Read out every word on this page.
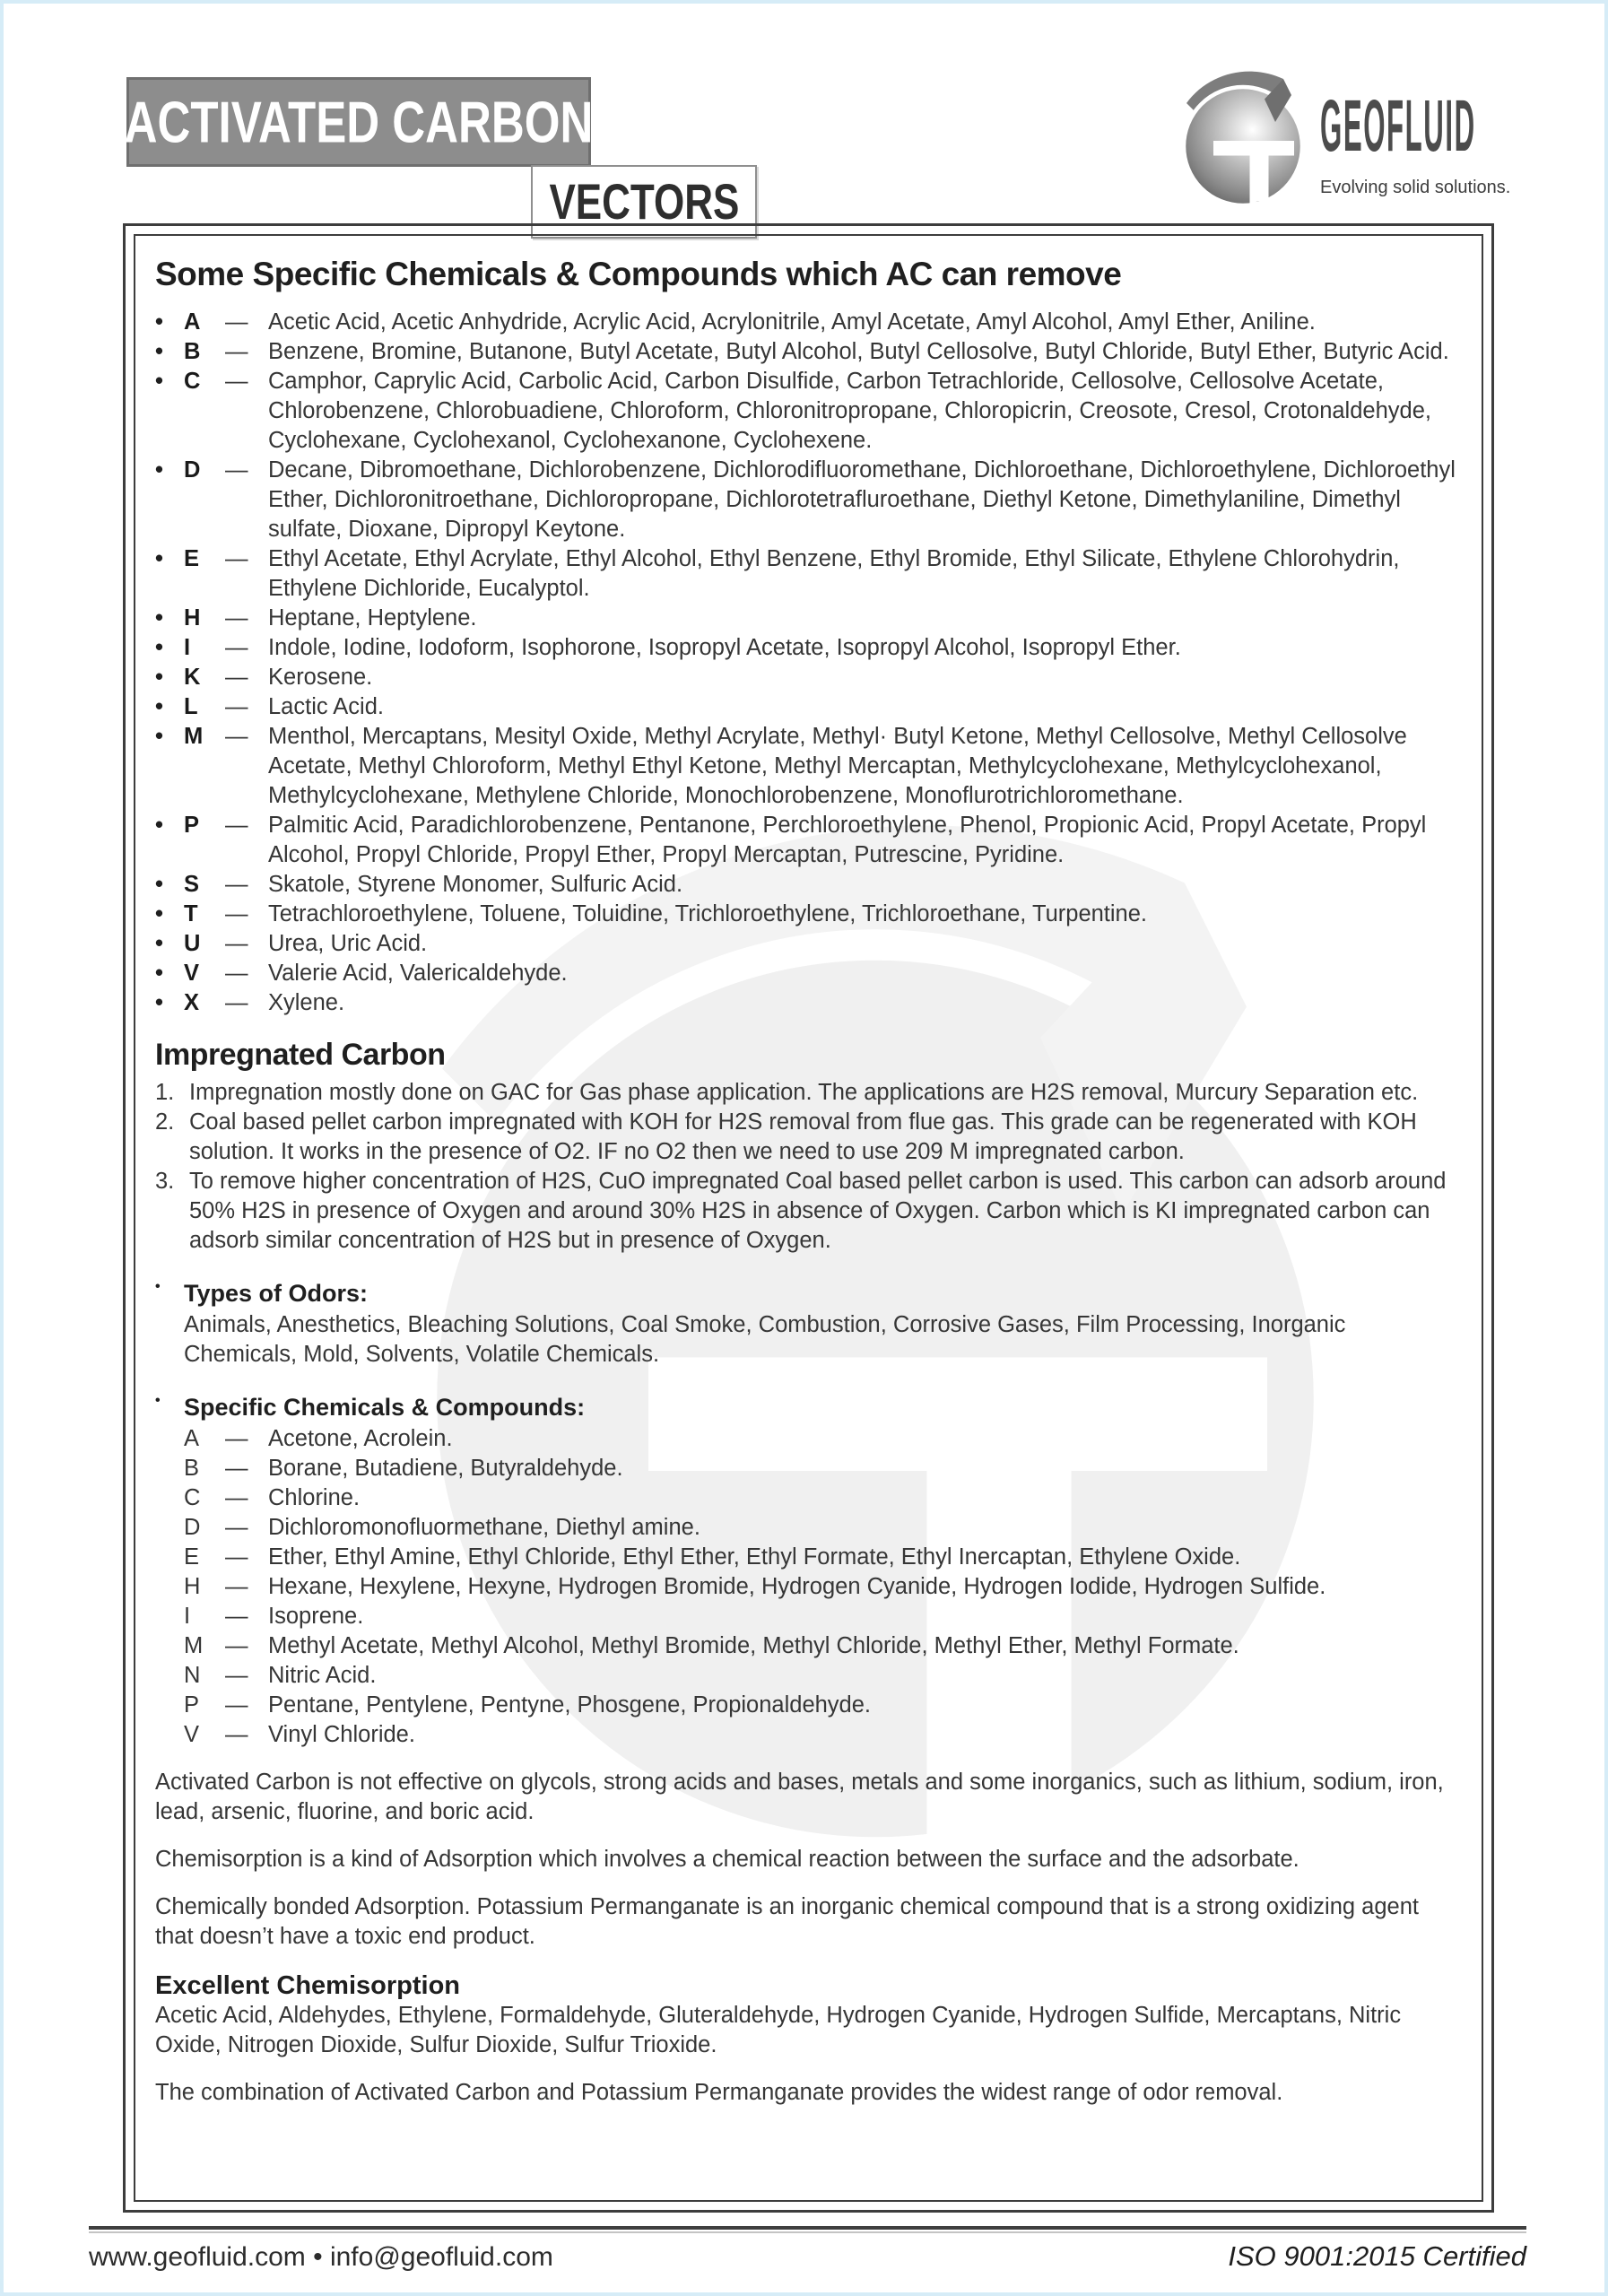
ACTIVATED CARBON
VECTORS
GEOFLUID
Evolving solid solutions.
Some Specific Chemicals & Compounds which AC can remove
• A	— Acetic Acid, Acetic Anhydride, Acrylic Acid, Acrylonitrile, Amyl Acetate, Amyl Alcohol, Amyl Ether, Aniline.
• B	— Benzene, Bromine, Butanone, Butyl Acetate, Butyl Alcohol, Butyl Cellosolve, Butyl Chloride, Butyl Ether, Butyric Acid.
• C	— Camphor, Caprylic Acid, Carbolic Acid, Carbon Disulfide, Carbon Tetrachloride, Cellosolve, Cellosolve Acetate, Chlorobenzene, Chlorobuadiene, Chloroform, Chloronitropropane, Chloropicrin, Creosote, Cresol, Crotonaldehyde, Cyclohexane, Cyclohexanol, Cyclohexanone, Cyclohexene.
• D	— Decane, Dibromoethane, Dichlorobenzene, Dichlorodifluoromethane, Dichloroethane, Dichloroethylene, Dichloroethyl Ether, Dichloronitroethane, Dichloropropane, Dichlorotetrafluroethane, Diethyl Ketone, Dimethylaniline, Dimethyl sulfate, Dioxane, Dipropyl Keytone.
• E	— Ethyl Acetate, Ethyl Acrylate, Ethyl Alcohol, Ethyl Benzene, Ethyl Bromide, Ethyl Silicate, Ethylene Chlorohydrin, Ethylene Dichloride, Eucalyptol.
• H	— Heptane, Heptylene.
• I	— Indole, Iodine, Iodoform, Isophorone, Isopropyl Acetate, Isopropyl Alcohol, Isopropyl Ether.
• K	— Kerosene.
• L	— Lactic Acid.
• M — Menthol, Mercaptans, Mesityl Oxide, Methyl Acrylate, Methyl· Butyl Ketone, Methyl Cellosolve, Methyl Cellosolve Acetate, Methyl Chloroform, Methyl Ethyl Ketone, Methyl Mercaptan, Methylcyclohexane, Methylcyclohexanol, Methylcyclohexane, Methylene Chloride, Monochlorobenzene, Monoflurotrichloromethane.
• P	— Palmitic Acid, Paradichlorobenzene, Pentanone, Perchloroethylene, Phenol, Propionic Acid, Propyl Acetate, Propyl Alcohol, Propyl Chloride, Propyl Ether, Propyl Mercaptan, Putrescine, Pyridine.
• S	— Skatole, Styrene Monomer, Sulfuric Acid.
• T	— Tetrachloroethylene, Toluene, Toluidine, Trichloroethylene, Trichloroethane, Turpentine.
• U	— Urea, Uric Acid.
• V	— Valerie Acid, Valericaldehyde.
• X	— Xylene.
Impregnated Carbon
1. Impregnation mostly done on GAC for Gas phase application. The applications are H2S removal, Murcury Separation etc.
2. Coal based pellet carbon impregnated with KOH for H2S removal from flue gas. This grade can be regenerated with KOH solution. It works in the presence of O2. IF no O2 then we need to use 209 M impregnated carbon.
3. To remove higher concentration of H2S, CuO impregnated Coal based pellet carbon is used. This carbon can adsorb around 50% H2S in presence of Oxygen and around 30% H2S in absence of Oxygen. Carbon which is KI impregnated carbon can adsorb similar concentration of H2S but in presence of Oxygen.
• Types of Odors:
Animals, Anesthetics, Bleaching Solutions, Coal Smoke, Combustion, Corrosive Gases, Film Processing, Inorganic Chemicals, Mold, Solvents, Volatile Chemicals.
• Specific Chemicals & Compounds:
A	— Acetone, Acrolein.
B	— Borane, Butadiene, Butyraldehyde.
C	— Chlorine.
D	— Dichloromonofluormethane, Diethyl amine.
E	— Ether, Ethyl Amine, Ethyl Chloride, Ethyl Ether, Ethyl Formate, Ethyl Inercaptan, Ethylene Oxide.
H	— Hexane, Hexylene, Hexyne, Hydrogen Bromide, Hydrogen Cyanide, Hydrogen Iodide, Hydrogen Sulfide.
I	— Isoprene.
M — Methyl Acetate, Methyl Alcohol, Methyl Bromide, Methyl Chloride, Methyl Ether, Methyl Formate.
N	— Nitric Acid.
P	— Pentane, Pentylene, Pentyne, Phosgene, Propionaldehyde.
V	— Vinyl Chloride.

Activated Carbon is not effective on glycols, strong acids and bases, metals and some inorganics, such as lithium, sodium, iron, lead, arsenic, fluorine, and boric acid.

Chemisorption is a kind of Adsorption which involves a chemical reaction between the surface and the adsorbate.

Chemically bonded Adsorption. Potassium Permanganate is an inorganic chemical compound that is a strong oxidizing agent that doesn’t have a toxic end product.

Excellent Chemisorption
Acetic Acid, Aldehydes, Ethylene, Formaldehyde, Gluteraldehyde, Hydrogen Cyanide, Hydrogen Sulfide, Mercaptans, Nitric Oxide, Nitrogen Dioxide, Sulfur Dioxide, Sulfur Trioxide.

The combination of Activated Carbon and Potassium Permanganate provides the widest range of odor removal.

www.geofluid.com • info@geofluid.com	ISO 9001:2015 Certified
